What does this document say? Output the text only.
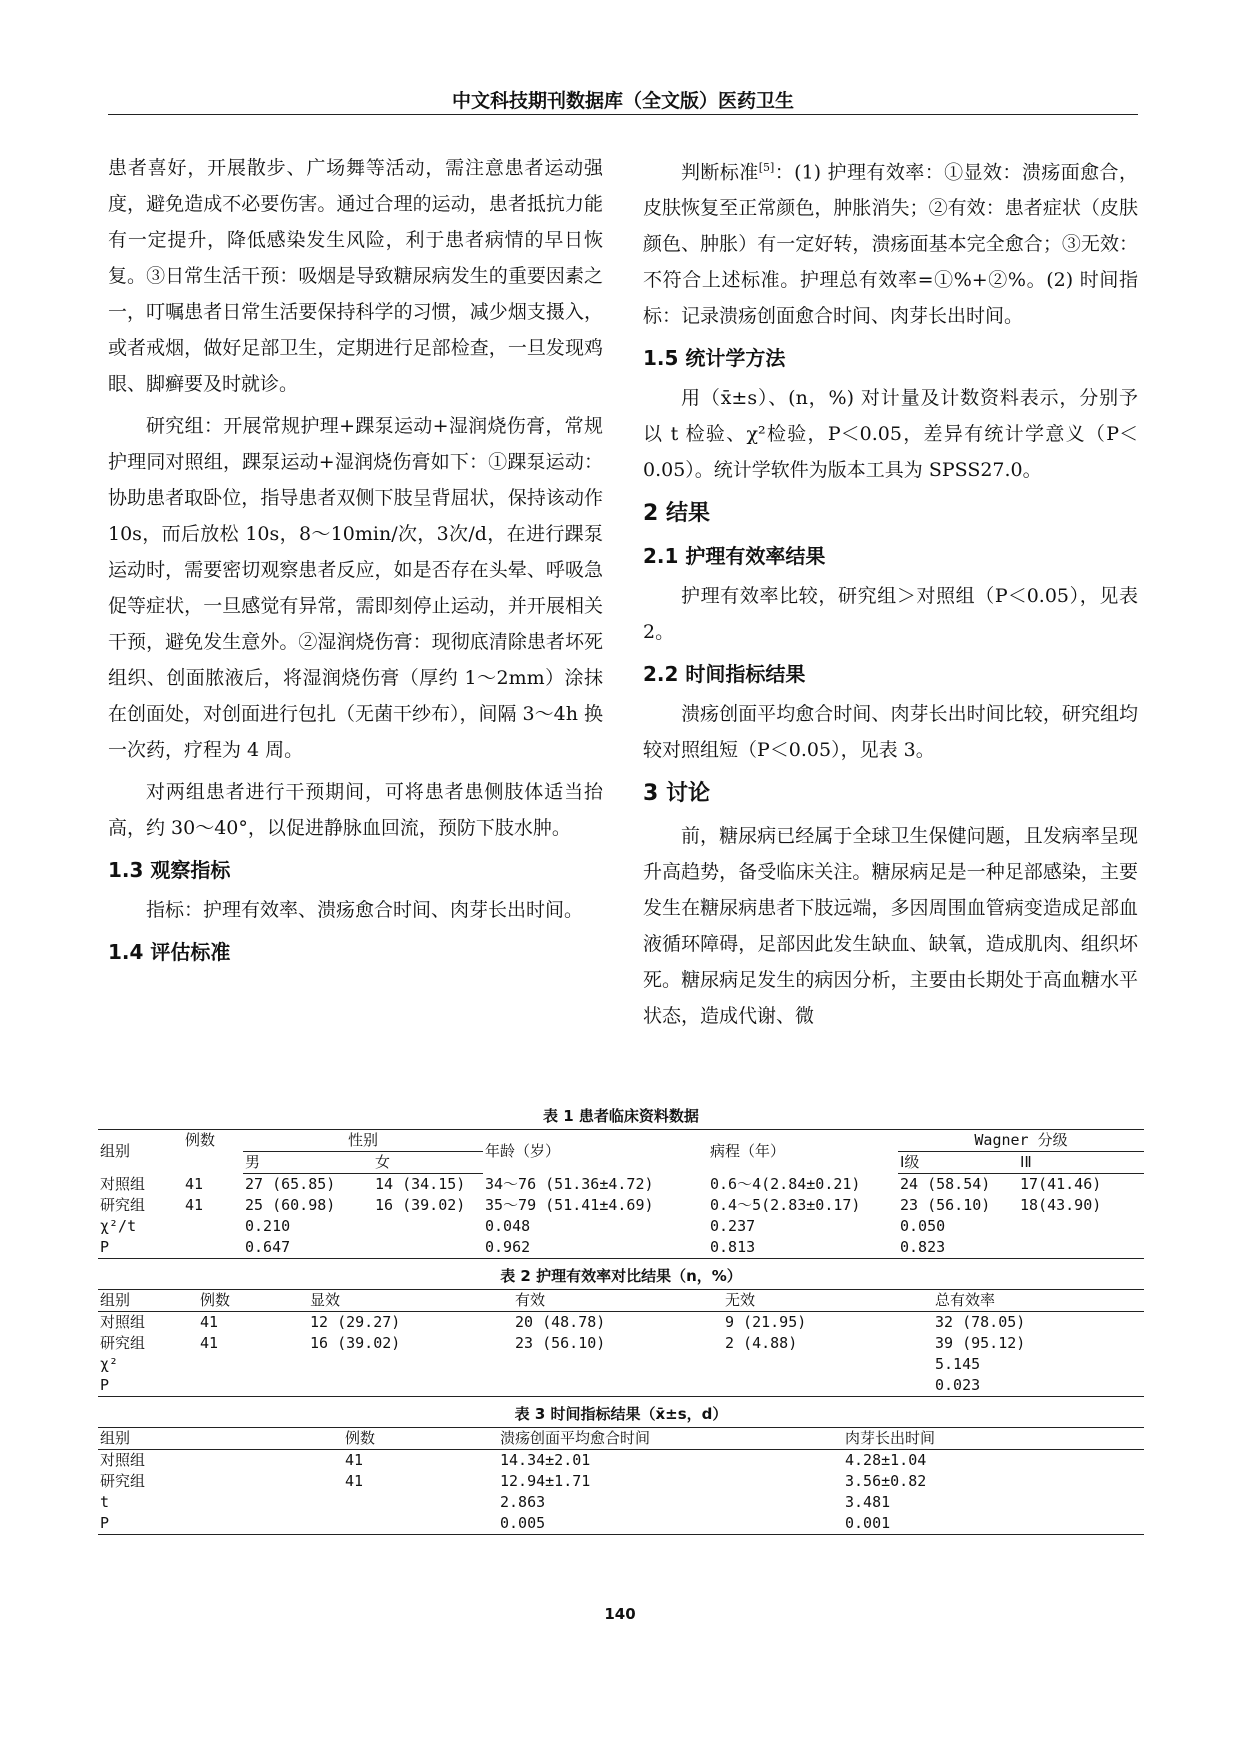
中文科技期刊数据库（全文版）医药卫生

患者喜好，开展散步、广场舞等活动，需注意患者运动强度，避免造成不必要伤害。通过合理的运动，患者抵抗力能有一定提升，降低感染发生风险，利于患者病情的早日恢复。③日常生活干预：吸烟是导致糖尿病发生的重要因素之一，叮嘱患者日常生活要保持科学的习惯，减少烟支摄入，或者戒烟，做好足部卫生，定期进行足部检查，一旦发现鸡眼、脚癣要及时就诊。

研究组：开展常规护理+踝泵运动+湿润烧伤膏，常规护理同对照组，踝泵运动+湿润烧伤膏如下：①踝泵运动：协助患者取卧位，指导患者双侧下肢呈背屈状，保持该动作 10s，而后放松 10s，8～10min/次，3次/d，在进行踝泵运动时，需要密切观察患者反应，如是否存在头晕、呼吸急促等症状，一旦感觉有异常，需即刻停止运动，并开展相关干预，避免发生意外。②湿润烧伤膏：现彻底清除患者坏死组织、创面脓液后，将湿润烧伤膏（厚约 1～2mm）涂抹在创面处，对创面进行包扎（无菌干纱布），间隔 3～4h 换一次药，疗程为 4 周。

对两组患者进行干预期间，可将患者患侧肢体适当抬高，约 30～40°，以促进静脉血回流，预防下肢水肿。

1.3 观察指标

指标：护理有效率、溃疡愈合时间、肉芽长出时间。

1.4 评估标准

判断标准[5]：(1) 护理有效率：①显效：溃疡面愈合，皮肤恢复至正常颜色，肿胀消失；②有效：患者症状（皮肤颜色、肿胀）有一定好转，溃疡面基本完全愈合；③无效：不符合上述标准。护理总有效率=①%+②%。(2) 时间指标：记录溃疡创面愈合时间、肉芽长出时间。

1.5 统计学方法

用（x̄±s）、(n，%) 对计量及计数资料表示，分别予以 t 检验、χ²检验，P＜0.05，差异有统计学意义（P＜0.05）。统计学软件为版本工具为 SPSS27.0。

2 结果
2.1 护理有效率结果

护理有效率比较，研究组＞对照组（P＜0.05），见表 2。

2.2 时间指标结果

溃疡创面平均愈合时间、肉芽长出时间比较，研究组均较对照组短（P＜0.05），见表 3。

3 讨论

前，糖尿病已经属于全球卫生保健问题，且发病率呈现升高趋势，备受临床关注。糖尿病足是一种足部感染，主要发生在糖尿病患者下肢远端，多因周围血管病变造成足部血液循环障碍，足部因此发生缺血、缺氧，造成肌肉、组织坏死。糖尿病足发生的病因分析，主要由长期处于高血糖水平状态，造成代谢、微

表 1 患者临床资料数据
组别	例数	性别		年龄（岁）	病程（年）	Wagner 分级	
		男	女			Ⅰ级	ⅠⅡ
对照组	41	27 (65.85)	14 (34.15)	34～76 (51.36±4.72)	0.6～4(2.84±0.21)	24 (58.54)	17(41.46)
研究组	41	25 (60.98)	16 (39.02)	35～79 (51.41±4.69)	0.4～5(2.83±0.17)	23 (56.10)	18(43.90)
χ²/t		0.210		0.048	0.237	0.050	
P		0.647		0.962	0.813	0.823	
表 2 护理有效率对比结果（n，%）
组别	例数	显效	有效	无效	总有效率
对照组	41	12 (29.27)	20 (48.78)	9 (21.95)	32 (78.05)
研究组	41	16 (39.02)	23 (56.10)	2 (4.88)	39 (95.12)
χ²					5.145
P					0.023
表 3 时间指标结果（x̄±s，d）
组别	例数	溃疡创面平均愈合时间	肉芽长出时间
对照组	41	14.34±2.01	4.28±1.04
研究组	41	12.94±1.71	3.56±0.82
t		2.863	3.481
P		0.005	0.001
140
